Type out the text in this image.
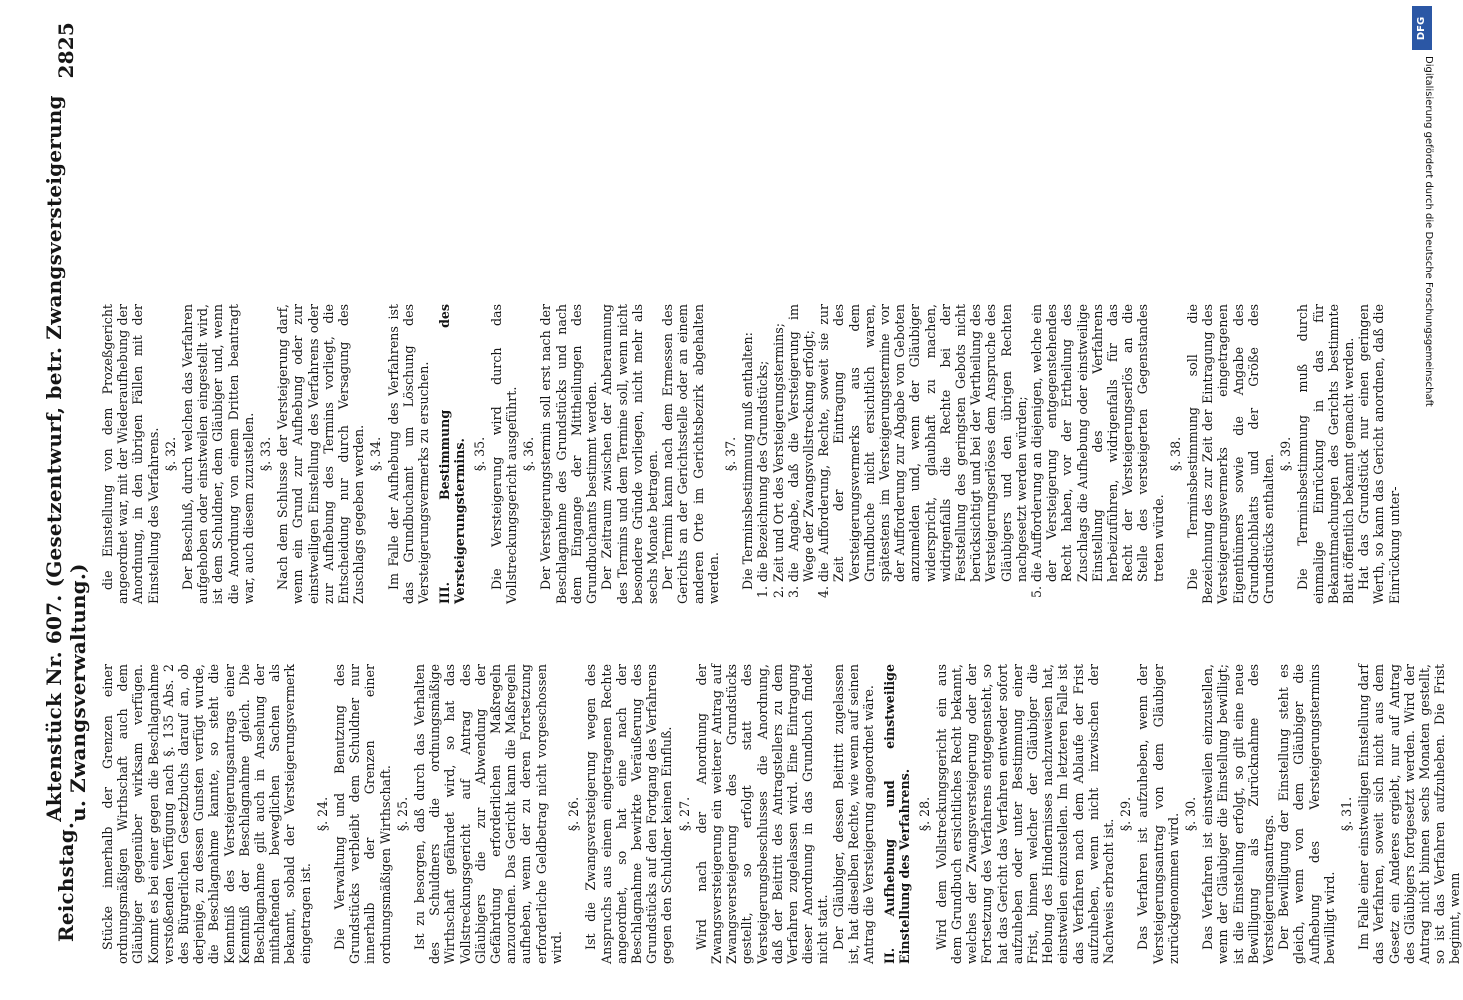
Reichstag.
Aktenstück Nr. 607. (Gesetzentwurf, betr. Zwangsversteigerung u. Zwangsverwaltung.)
2825
Stücke innerhalb der Grenzen einer ordnungsmäßigen Wirthschaft auch dem Gläubiger gegenüber wirksam verfügen. Kommt es bei einer gegen die Beschlagnahme verstoßenden Verfügung nach §. 135 Abs. 2 des Bürgerlichen Gesetzbuchs darauf an, ob derjenige, zu dessen Gunsten verfügt wurde, die Beschlagnahme kannte, so steht die Kenntniß des Versteigerungsantrags einer Kenntniß der Beschlagnahme gleich. Die Beschlagnahme gilt auch in Ansehung der mithaftenden beweglichen Sachen als bekannt, sobald der Versteigerungsvermerk eingetragen ist.
§. 24. Die Verwaltung und Benutzung des Grundstücks verbleibt dem Schuldner nur innerhalb der Grenzen einer ordnungsmäßigen Wirthschaft. §. 25. Ist zu besorgen, daß durch das Verhalten des Schuldners die ordnungsmäßige Wirthschaft gefährdet wird, so hat das Vollstreckungsgericht auf Antrag des Gläubigers die zur Abwendung der Gefährdung erforderlichen Maßregeln anzuordnen. Das Gericht kann die Maßregeln aufheben, wenn der zu deren Fortsetzung erforderliche Geldbetrag nicht vorgeschossen wird.
§. 26. Ist die Zwangsversteigerung wegen des Anspruchs aus einem eingetragenen Rechte angeordnet, so hat eine nach der Beschlagnahme bewirkte Veräußerung des Grundstücks auf den Fortgang des Verfahrens gegen den Schuldner keinen Einfluß. §. 27. Wird nach der Anordnung der Zwangsversteigerung ein weiterer Antrag auf Zwangsversteigerung des Grundstücks gestellt, so erfolgt statt des Versteigerungsbeschlusses die Anordnung, daß der Beitritt des Antragstellers zu dem Verfahren zugelassen wird. Eine Eintragung dieser Anordnung in das Grundbuch findet nicht statt. Der Gläubiger, dessen Beitritt zugelassen ist, hat dieselben Rechte, wie wenn auf seinen Antrag die Versteigerung angeordnet wäre. II. Aufhebung und einstweilige Einstellung des Verfahrens. §. 28. Wird dem Vollstreckungsgericht ein aus dem Grundbuch ersichtliches Recht bekannt, welches der Zwangsversteigerung oder der Fortsetzung des Verfahrens entgegensteht, so hat das Gericht das Verfahren entweder sofort aufzuheben oder unter Bestimmung einer Frist, binnen welcher der Gläubiger die Hebung des Hindernisses nachzuweisen hat, einstweilen einzustellen. Im letzteren Falle ist das Verfahren nach dem Ablaufe der Frist aufzuheben, wenn nicht inzwischen der Nachweis erbracht ist.
§. 29. Das Verfahren ist aufzuheben, wenn der Versteigerungsantrag von dem Gläubiger zurückgenommen wird. §. 30. Das Verfahren ist einstweilen einzustellen, wenn der Gläubiger die Einstellung bewilligt; ist die Einstellung erfolgt, so gilt eine neue Bewilligung als Zurücknahme des Versteigerungsantrags. Der Bewilligung der Einstellung steht es gleich, wenn von dem Gläubiger die Aufhebung des Versteigerungstermins bewilligt wird.
§. 31. Im Falle einer einstweiligen Einstellung darf das Verfahren, soweit sich nicht aus dem Gesetz ein Anderes ergiebt, nur auf Antrag des Gläubigers fortgesetzt werden. Wird der Antrag nicht binnen sechs Monaten gestellt, so ist das Verfahren aufzuheben. Die Frist beginnt, wenn
die Einstellung von dem Prozeßgericht angeordnet war, mit der Wiederaufhebung der Anordnung, in den übrigen Fällen mit der Einstellung des Verfahrens. §. 32. Der Beschluß, durch welchen das Verfahren aufgehoben oder einstweilen eingestellt wird, ist dem Schuldner, dem Gläubiger und, wenn die Anordnung von einem Dritten beantragt war, auch diesem zuzustellen. §. 33. Nach dem Schlusse der Versteigerung darf, wenn ein Grund zur Aufhebung oder zur einstweiligen Einstellung des Verfahrens oder zur Aufhebung des Termins vorliegt, die Entscheidung nur durch Versagung des Zuschlags gegeben werden. §. 34. Im Falle der Aufhebung des Verfahrens ist das Grundbuchamt um Löschung des Versteigerungsvermerks zu ersuchen. III. Bestimmung des Versteigerungstermins. §. 35. Die Versteigerung wird durch das Vollstreckungsgericht ausgeführt. §. 36. Der Versteigerungstermin soll erst nach der Beschlagnahme des Grundstücks und nach dem Eingange der Mittheilungen des Grundbuchamts bestimmt werden. Der Zeitraum zwischen der Anberaumung des Termins und dem Termine soll, wenn nicht besondere Gründe vorliegen, nicht mehr als sechs Monate betragen. Der Termin kann nach dem Ermessen des Gerichts an der Gerichtsstelle oder an einem anderen Orte im Gerichtsbezirk abgehalten werden.
§. 37. Die Terminsbestimmung muß enthalten: 1. die Bezeichnung des Grundstücks; 2. Zeit und Ort des Versteigerungstermins; 3. die Angabe, daß die Versteigerung im Wege der Zwangsvollstreckung erfolgt; 4. die Aufforderung, Rechte, soweit sie zur Zeit der Eintragung des Versteigerungsvermerks aus dem Grundbuche nicht ersichtlich waren, spätestens im Versteigerungstermine vor der Aufforderung zur Abgabe von Geboten anzumelden und, wenn der Gläubiger widerspricht, glaubhaft zu machen, widrigenfalls die Rechte bei der Feststellung des geringsten Gebots nicht berücksichtigt und bei der Vertheilung des Versteigerungserlöses dem Anspruche des Gläubigers und den übrigen Rechten nachgesetzt werden würden; 5. die Aufforderung an diejenigen, welche ein der Versteigerung entgegenstehendes Recht haben, vor der Ertheilung des Zuschlags die Aufhebung oder einstweilige Einstellung des Verfahrens herbeizuführen, widrigenfalls für das Recht der Versteigerungserlös an die Stelle des versteigerten Gegenstandes treten würde.
§. 38. Die Terminsbestimmung soll die Bezeichnung des zur Zeit der Eintragung des Versteigerungsvermerks eingetragenen Eigenthümers sowie die Angabe des Grundbuchblatts und der Größe des Grundstücks enthalten. §. 39. Die Terminsbestimmung muß durch einmalige Einrückung in das für Bekanntmachungen des Gerichts bestimmte Blatt öffentlich bekannt gemacht werden. Hat das Grundstück nur einen geringen Werth, so kann das Gericht anordnen, daß die Einrückung unter-
DFG
Digitalisierung gefördert durch die Deutsche Forschungsgemeinschaft
